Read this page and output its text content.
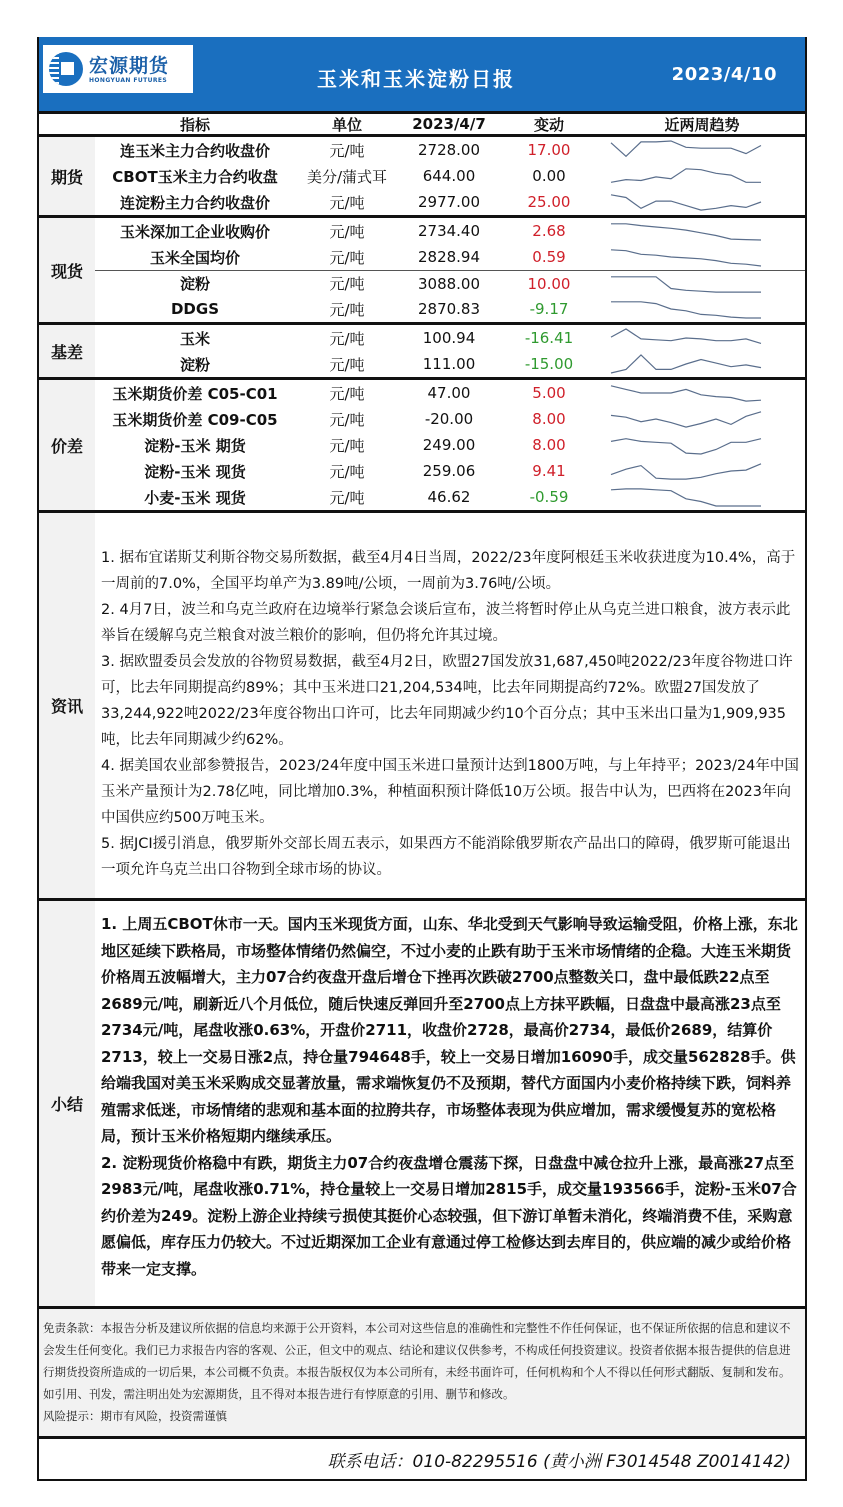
宏源期货
HONGYUAN FUTURES	玉米和玉米淀粉日报	2023/4/10
指标	单位	2023/4/7	变动	近两周趋势
期货
连玉米主力合约收盘价	元/吨	2728.00	17.00
CBOT玉米主力合约收盘	美分/蒲式耳	644.00	0.00
连淀粉主力合约收盘价	元/吨	2977.00	25.00
现货
玉米深加工企业收购价	元/吨	2734.40	2.68
玉米全国均价	元/吨	2828.94	0.59
淀粉	元/吨	3088.00	10.00
DDGS	元/吨	2870.83	-9.17
基差
玉米	元/吨	100.94	-16.41
淀粉	元/吨	111.00	-15.00
价差
玉米期货价差 C05-C01	元/吨	47.00	5.00
玉米期货价差 C09-C05	元/吨	-20.00	8.00
淀粉-玉米 期货	元/吨	249.00	8.00
淀粉-玉米 现货	元/吨	259.06	9.41
小麦-玉米 现货	元/吨	46.62	-0.59
资讯

1. 据布宜诺斯艾利斯谷物交易所数据，截至4月4日当周，2022/23年度阿根廷玉米收获进度为10.4%，高于一周前的7.0%，全国平均单产为3.89吨/公顷，一周前为3.76吨/公顷。

2. 4月7日，波兰和乌克兰政府在边境举行紧急会谈后宣布，波兰将暂时停止从乌克兰进口粮食，波方表示此举旨在缓解乌克兰粮食对波兰粮价的影响，但仍将允许其过境。

3. 据欧盟委员会发放的谷物贸易数据，截至4月2日，欧盟27国发放31,687,450吨2022/23年度谷物进口许可，比去年同期提高约89%；其中玉米进口21,204,534吨，比去年同期提高约72%。欧盟27国发放了33,244,922吨2022/23年度谷物出口许可，比去年同期减少约10个百分点；其中玉米出口量为1,909,935吨，比去年同期减少约62%。

4. 据美国农业部参赞报告，2023/24年度中国玉米进口量预计达到1800万吨，与上年持平；2023/24年中国玉米产量预计为2.78亿吨，同比增加0.3%，种植面积预计降低10万公顷。报告中认为，巴西将在2023年向中国供应约500万吨玉米。

5. 据JCI援引消息，俄罗斯外交部长周五表示，如果西方不能消除俄罗斯农产品出口的障碍，俄罗斯可能退出一项允许乌克兰出口谷物到全球市场的协议。

小结

1. 上周五CBOT休市一天。国内玉米现货方面，山东、华北受到天气影响导致运输受阻，价格上涨，东北地区延续下跌格局，市场整体情绪仍然偏空，不过小麦的止跌有助于玉米市场情绪的企稳。大连玉米期货价格周五波幅增大，主力07合约夜盘开盘后增仓下挫再次跌破2700点整数关口，盘中最低跌22点至2689元/吨，刷新近八个月低位，随后快速反弹回升至2700点上方抹平跌幅，日盘盘中最高涨23点至2734元/吨，尾盘收涨0.63%，开盘价2711，收盘价2728，最高价2734，最低价2689，结算价2713，较上一交易日涨2点，持仓量794648手，较上一交易日增加16090手，成交量562828手。供给端我国对美玉米采购成交显著放量，需求端恢复仍不及预期，替代方面国内小麦价格持续下跌，饲料养殖需求低迷，市场情绪的悲观和基本面的拉胯共存，市场整体表现为供应增加，需求缓慢复苏的宽松格局，预计玉米价格短期内继续承压。

2. 淀粉现货价格稳中有跌，期货主力07合约夜盘增仓震荡下探，日盘盘中减仓拉升上涨，最高涨27点至2983元/吨，尾盘收涨0.71%，持仓量较上一交易日增加2815手，成交量193566手，淀粉-玉米07合约价差为249。淀粉上游企业持续亏损使其挺价心态较强，但下游订单暂未消化，终端消费不佳，采购意愿偏低，库存压力仍较大。不过近期深加工企业有意通过停工检修达到去库目的，供应端的减少或给价格带来一定支撑。

免责条款：本报告分析及建议所依据的信息均来源于公开资料，本公司对这些信息的准确性和完整性不作任何保证，也不保证所依据的信息和建议不会发生任何变化。我们已力求报告内容的客观、公正，但文中的观点、结论和建议仅供参考，不构成任何投资建议。投资者依据本报告提供的信息进行期货投资所造成的一切后果，本公司概不负责。本报告版权仅为本公司所有，未经书面许可，任何机构和个人不得以任何形式翻版、复制和发布。如引用、刊发，需注明出处为宏源期货，且不得对本报告进行有悖原意的引用、删节和修改。

风险提示：期市有风险，投资需谨慎

联系电话：010-82295516 (黄小洲 F3014548 Z0014142)
